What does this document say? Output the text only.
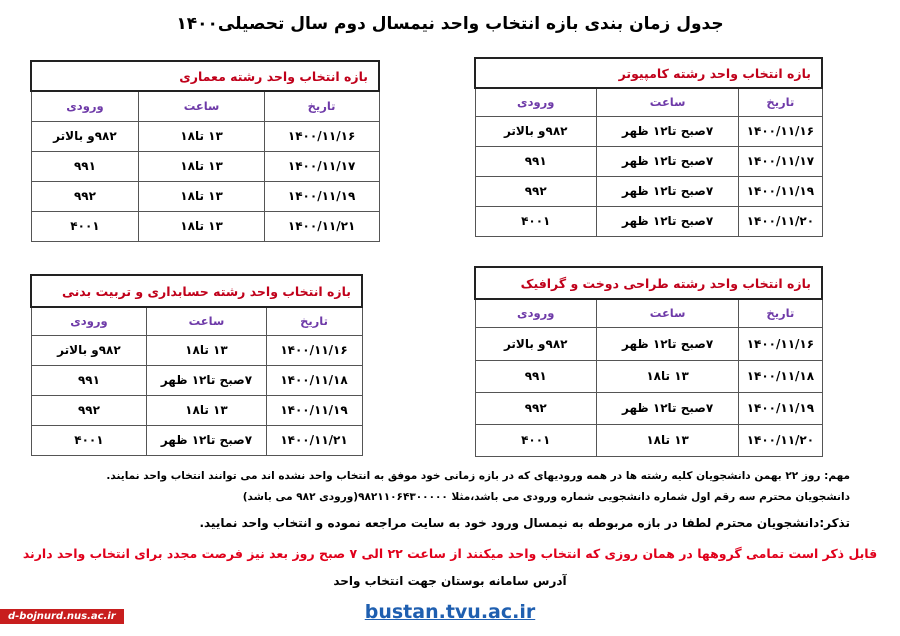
جدول زمان بندی بازه انتخاب واحد نیمسال دوم سال تحصیلی۱۴۰۰
بازه انتخاب واحد رشته معماری		
تاریخ	ساعت	ورودی
۱۴۰۰/۱۱/۱۶	۱۳ تا۱۸	۹۸۲و بالاتر
۱۴۰۰/۱۱/۱۷	۱۳ تا۱۸	۹۹۱
۱۴۰۰/۱۱/۱۹	۱۳ تا۱۸	۹۹۲
۱۴۰۰/۱۱/۲۱	۱۳ تا۱۸	۴۰۰۱
بازه انتخاب واحد رشته کامپیوتر		
تاریخ	ساعت	ورودی
۱۴۰۰/۱۱/۱۶	۷صبح تا۱۲ ظهر	۹۸۲و بالاتر
۱۴۰۰/۱۱/۱۷	۷صبح تا۱۲ ظهر	۹۹۱
۱۴۰۰/۱۱/۱۹	۷صبح تا۱۲ ظهر	۹۹۲
۱۴۰۰/۱۱/۲۰	۷صبح تا۱۲ ظهر	۴۰۰۱
بازه انتخاب واحد رشته حسابداری و تربیت بدنی		
تاریخ	ساعت	ورودی
۱۴۰۰/۱۱/۱۶	۱۳ تا۱۸	۹۸۲و بالاتر
۱۴۰۰/۱۱/۱۸	۷صبح تا۱۲ ظهر	۹۹۱
۱۴۰۰/۱۱/۱۹	۱۳ تا۱۸	۹۹۲
۱۴۰۰/۱۱/۲۱	۷صبح تا۱۲ ظهر	۴۰۰۱
بازه انتخاب واحد رشته طراحی دوخت و گرافیک		
تاریخ	ساعت	ورودی
۱۴۰۰/۱۱/۱۶	۷صبح تا۱۲ ظهر	۹۸۲و بالاتر
۱۴۰۰/۱۱/۱۸	۱۳ تا۱۸	۹۹۱
۱۴۰۰/۱۱/۱۹	۷صبح تا۱۲ ظهر	۹۹۲
۱۴۰۰/۱۱/۲۰	۱۳ تا۱۸	۴۰۰۱
مهم: روز ۲۲ بهمن دانشجویان کلیه رشته ها در همه ورودیهای که در بازه زمانی خود موفق به انتخاب واحد نشده اند می توانند انتخاب واحد نمایند.
دانشجویان محترم سه رقم اول شماره دانشجویی شماره ورودی می باشد،مثلا ۹۸۲۱۱۰۶۴۳۰۰۰۰۰(ورودی ۹۸۲ می باشد)
تذکر:دانشجویان محترم لطفا در بازه مربوطه به نیمسال ورود خود به سایت مراجعه نموده و انتخاب واحد نمایید.
قابل ذکر است تمامی گروهها در همان روزی که انتخاب واحد میکنند از ساعت ۲۲ الی ۷ صبح روز بعد نیز فرصت مجدد برای انتخاب واحد دارند
آدرس سامانه بوستان جهت انتخاب واحد
bustan.tvu.ac.ir
d-bojnurd.nus.ac.ir
